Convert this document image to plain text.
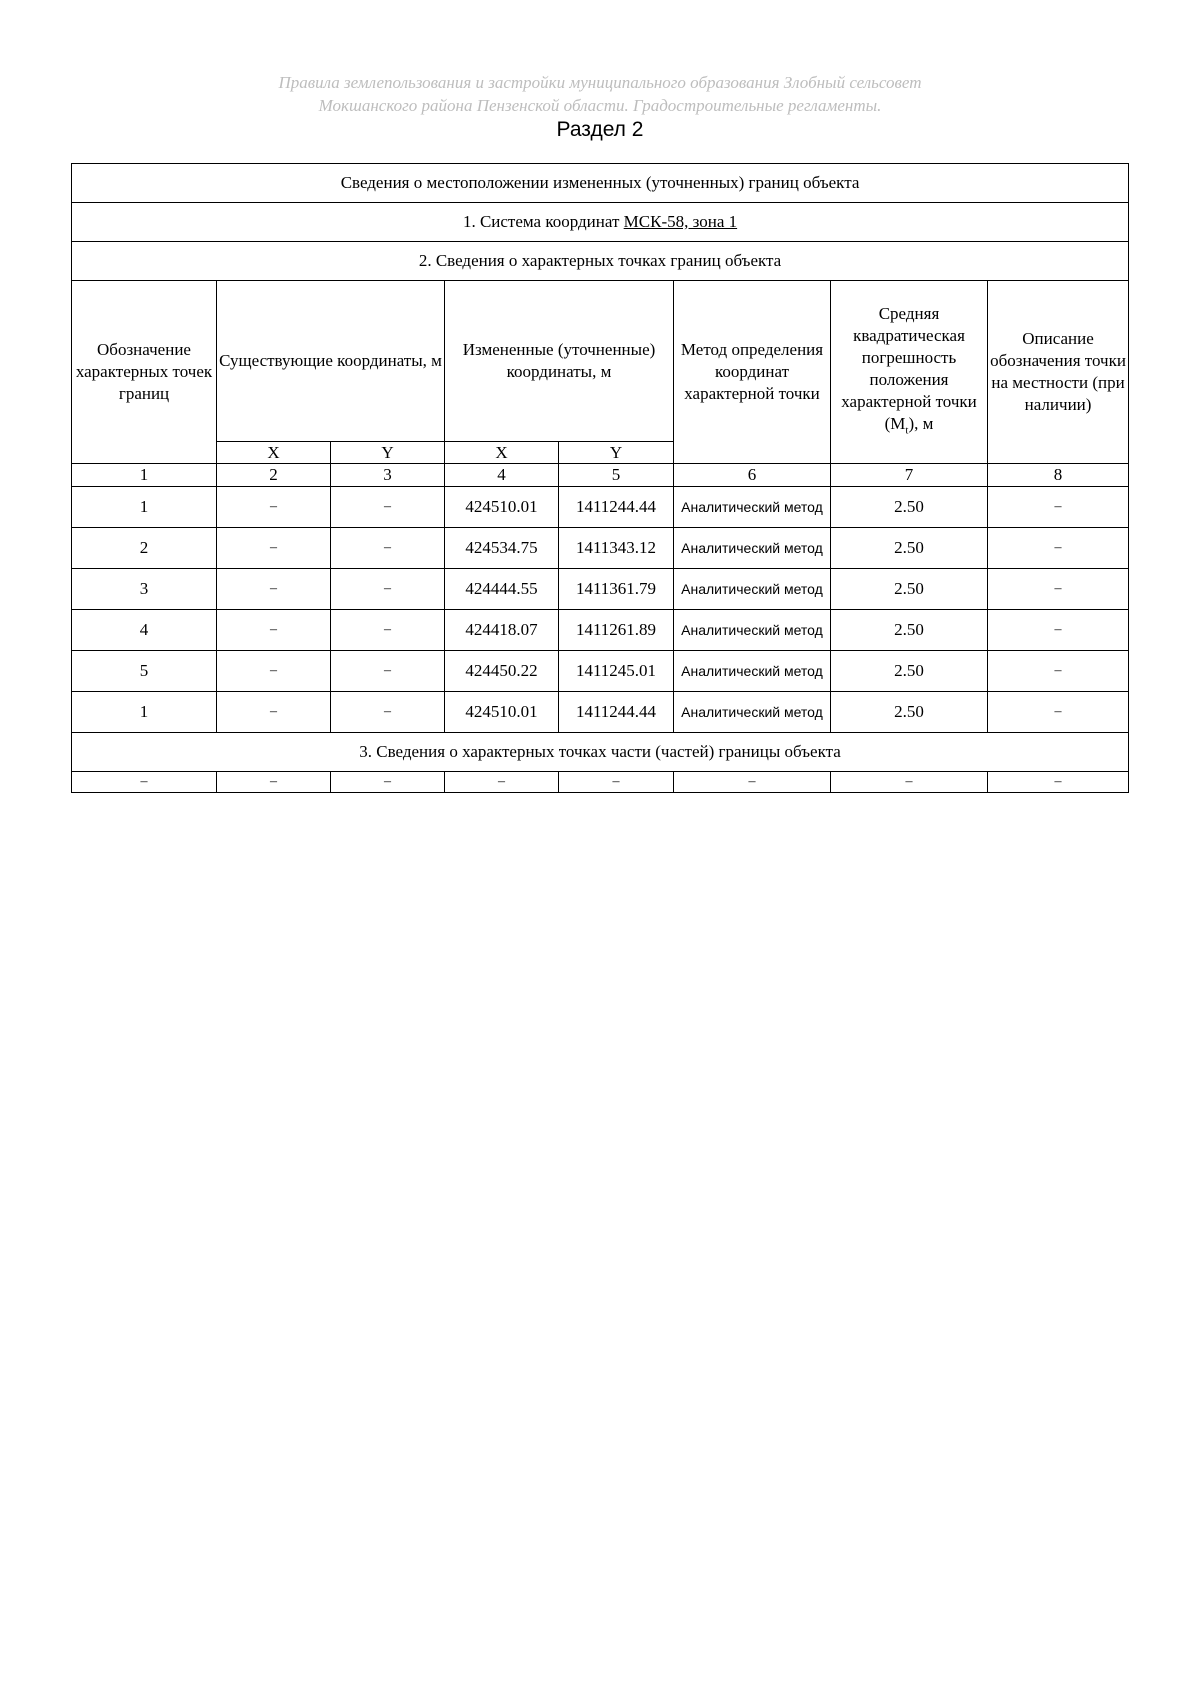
Правила землепользования и застройки муниципального образования Злобный сельсовет
Мокшанского района Пензенской области. Градостроительные регламенты.
Раздел 2
Сведения о местоположении измененных (уточненных) границ объекта							
1. Система координат МСК-58, зона 1							
2. Сведения о характерных точках границ объекта							
Обозначение характерных точек границ	Существующие координаты, м		Измененные (уточненные) координаты, м		Метод определения координат характерной точки	Средняя квадратическая погрешность положения характерной точки $(M_t)$, м	Описание обозначения точки на местности (при наличии)
	X	Y	X	Y			
1	2	3	4	5	6	7	8
1	–	–	424510.01	1411244.44	Аналитический метод	2.50	–
2	–	–	424534.75	1411343.12	Аналитический метод	2.50	–
3	–	–	424444.55	1411361.79	Аналитический метод	2.50	–
4	–	–	424418.07	1411261.89	Аналитический метод	2.50	–
5	–	–	424450.22	1411245.01	Аналитический метод	2.50	–
1	–	–	424510.01	1411244.44	Аналитический метод	2.50	–
3. Сведения о характерных точках части (частей) границы объекта							
–	–	–	–	–	–	–	–
